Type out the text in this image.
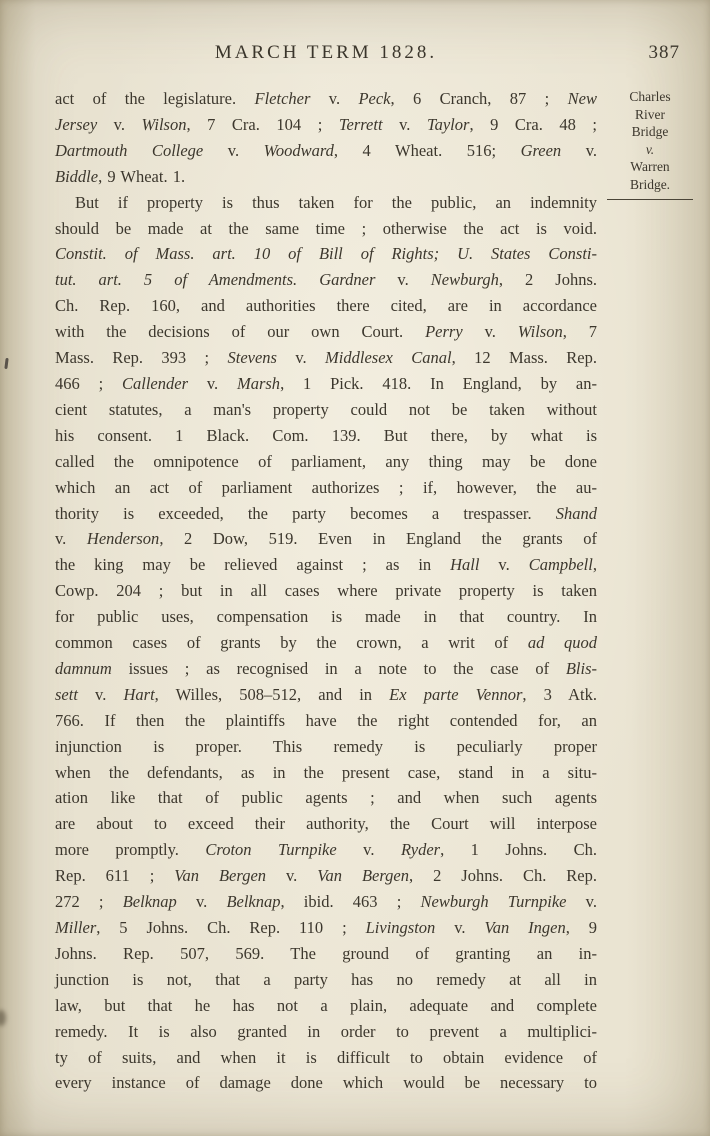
MARCH TERM 1828.	387
act of the legislature. Fletcher v. Peck, 6 Cranch, 87 ; New
Jersey v. Wilson, 7 Cra. 104 ; Terrett v. Taylor, 9 Cra. 48 ;
Dartmouth College v. Woodward, 4 Wheat. 516; Green v.
Biddle, 9 Wheat. 1.
But if property is thus taken for the public, an indemnity
should be made at the same time ; otherwise the act is void.
Constit. of Mass. art. 10 of Bill of Rights; U. States Consti-
tut. art. 5 of Amendments. Gardner v. Newburgh, 2 Johns.
Ch. Rep. 160, and authorities there cited, are in accordance
with the decisions of our own Court. Perry v. Wilson, 7
Mass. Rep. 393 ; Stevens v. Middlesex Canal, 12 Mass. Rep.
466 ; Callender v. Marsh, 1 Pick. 418. In England, by an-
cient statutes, a man's property could not be taken without
his consent. 1 Black. Com. 139. But there, by what is
called the omnipotence of parliament, any thing may be done
which an act of parliament authorizes ; if, however, the au-
thority is exceeded, the party becomes a trespasser. Shand
v. Henderson, 2 Dow, 519. Even in England the grants of
the king may be relieved against ; as in Hall v. Campbell,
Cowp. 204 ; but in all cases where private property is taken
for public uses, compensation is made in that country. In
common cases of grants by the crown, a writ of ad quod
damnum issues ; as recognised in a note to the case of Blis-
sett v. Hart, Willes, 508–512, and in Ex parte Vennor, 3 Atk.
766. If then the plaintiffs have the right contended for, an
injunction is proper. This remedy is peculiarly proper
when the defendants, as in the present case, stand in a situ-
ation like that of public agents ; and when such agents
are about to exceed their authority, the Court will interpose
more promptly. Croton Turnpike v. Ryder, 1 Johns. Ch.
Rep. 611 ; Van Bergen v. Van Bergen, 2 Johns. Ch. Rep.
272 ; Belknap v. Belknap, ibid. 463 ; Newburgh Turnpike v.
Miller, 5 Johns. Ch. Rep. 110 ; Livingston v. Van Ingen, 9
Johns. Rep. 507, 569. The ground of granting an in-
junction is not, that a party has no remedy at all in
law, but that he has not a plain, adequate and complete
remedy. It is also granted in order to prevent a multiplici-
ty of suits, and when it is difficult to obtain evidence of
every instance of damage done which would be necessary to
Charles
River
Bridge
v.
Warren
Bridge.
